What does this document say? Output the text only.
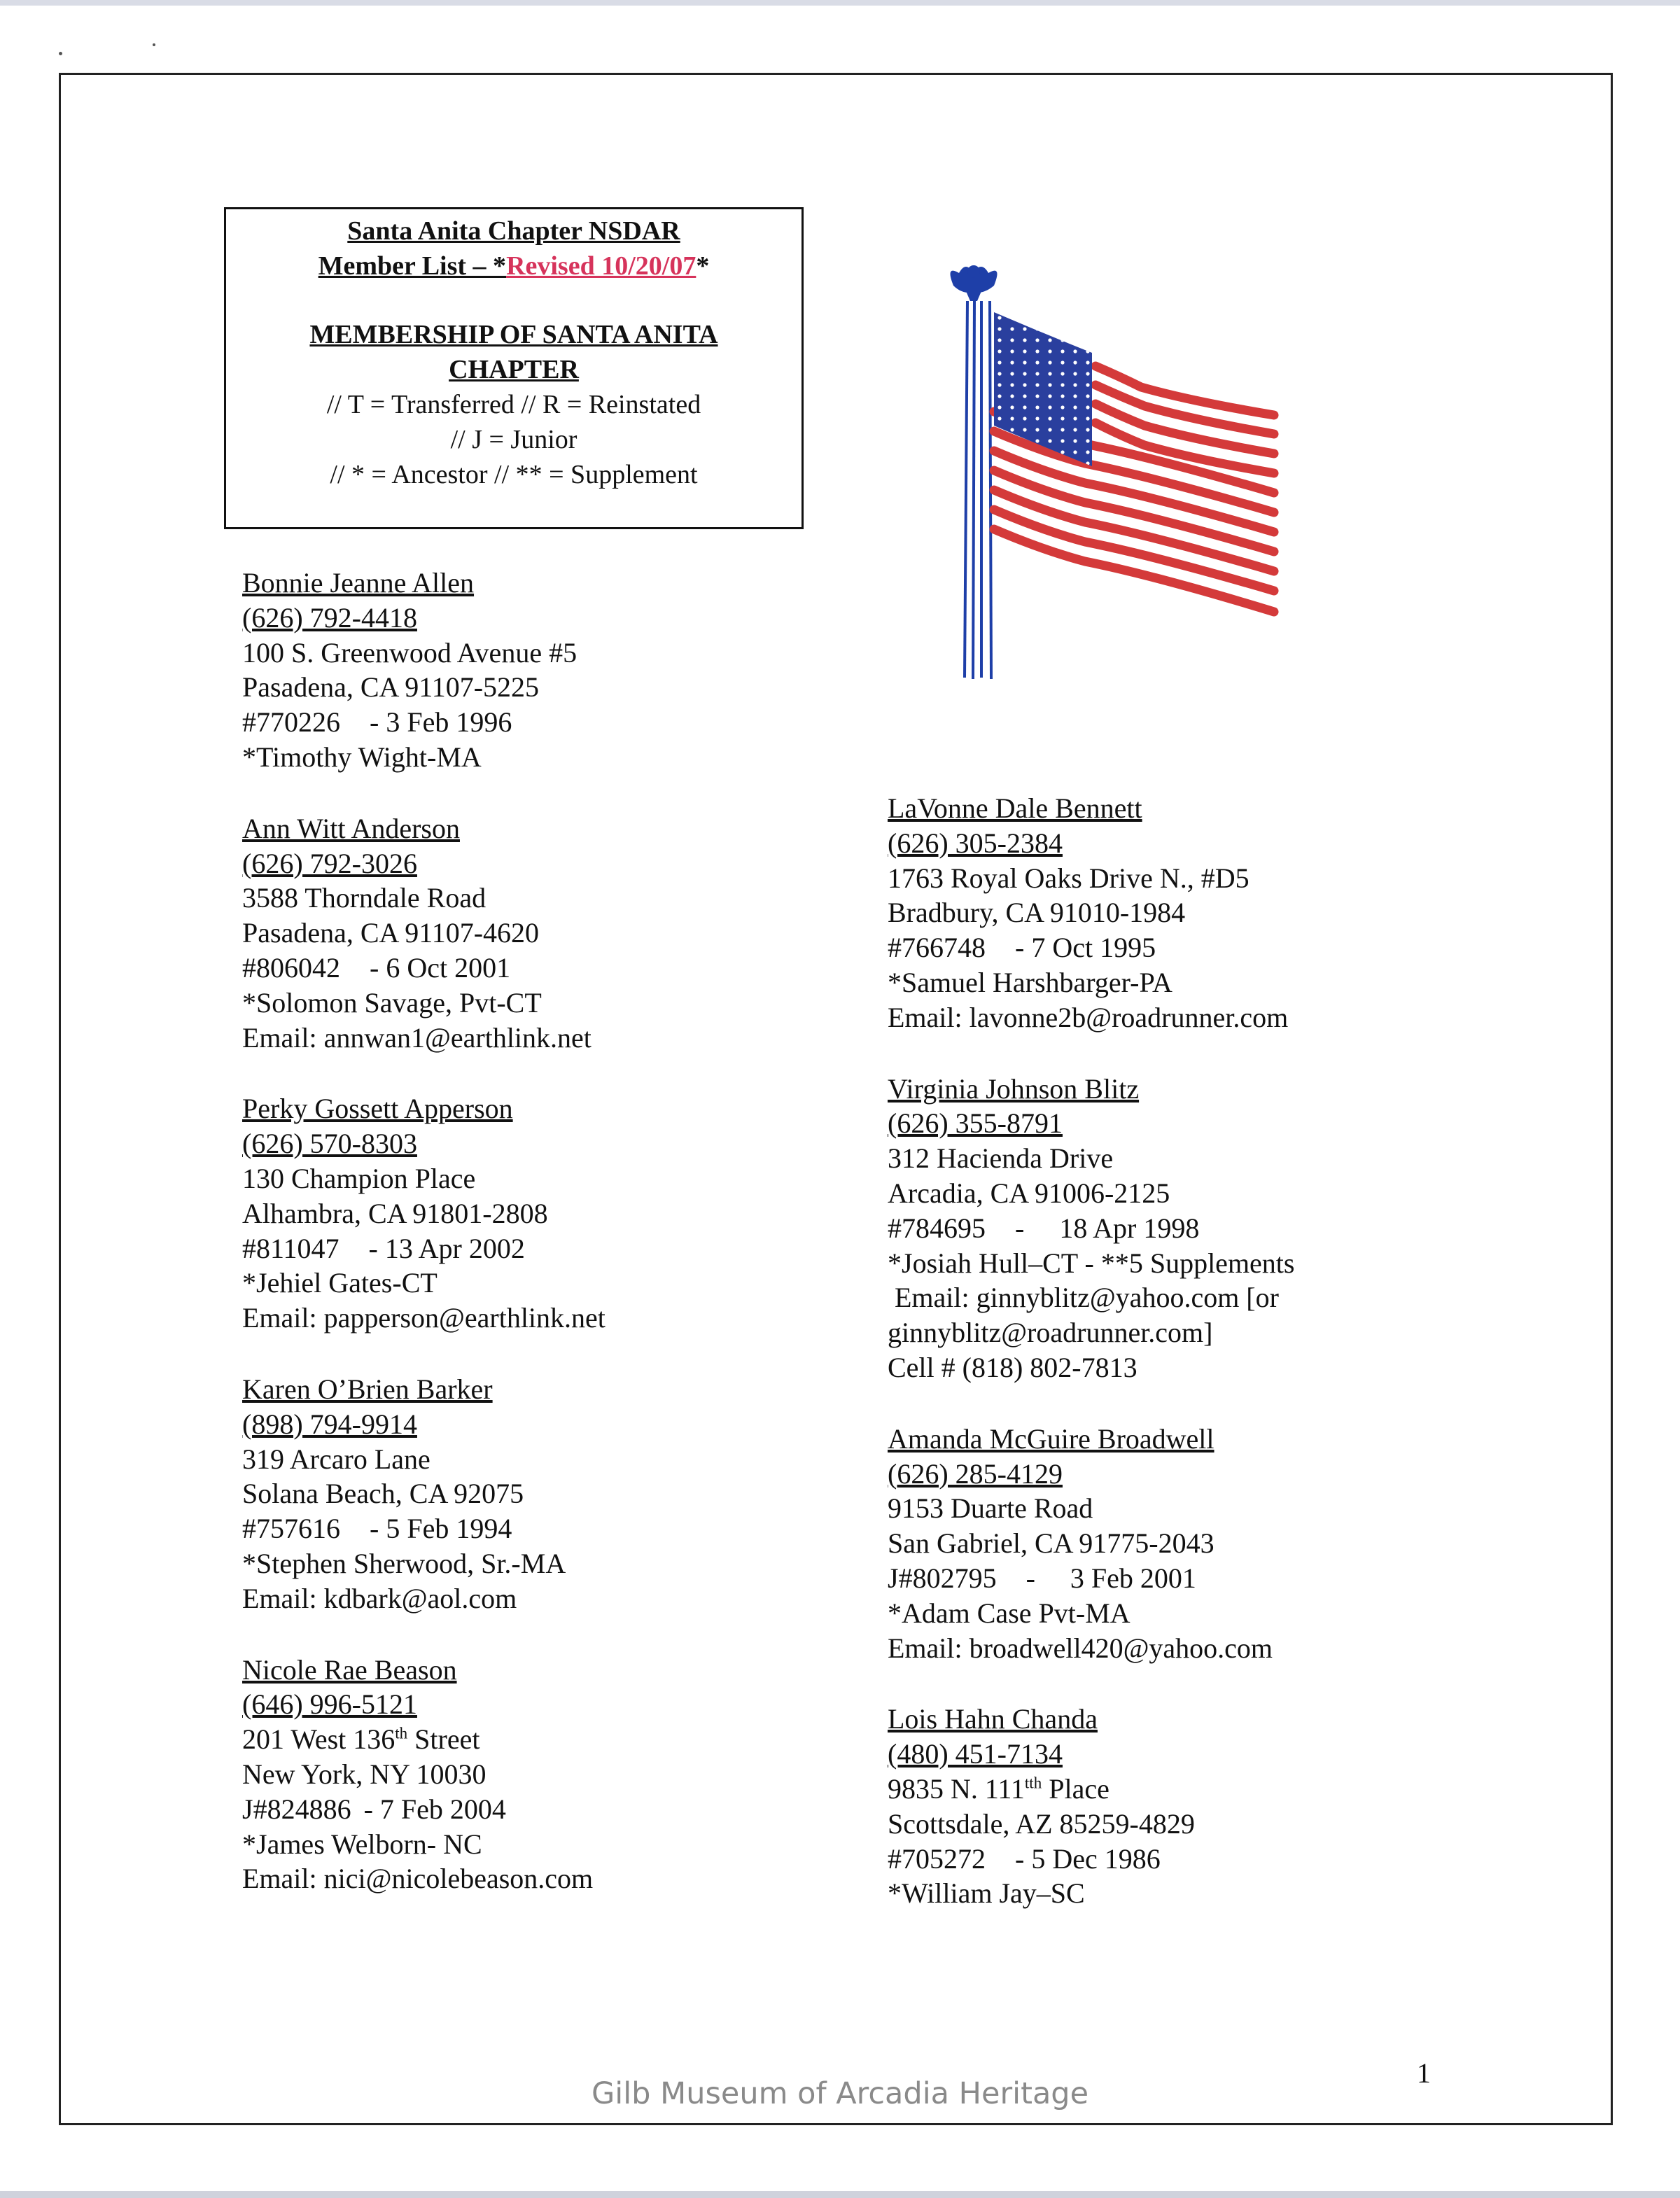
Santa Anita Chapter NSDAR
Member List – *Revised 10/20/07*
MEMBERSHIP OF SANTA ANITA
CHAPTER
// T = Transferred // R = Reinstated
// J = Junior
// * = Ancestor // ** = Supplement
Bonnie Jeanne Allen
(626) 792-4418
100 S. Greenwood Avenue #5
Pasadena, CA 91107-5225
#770226 - 3 Feb 1996
*Timothy Wight-MA
Ann Witt Anderson
(626) 792-3026
3588 Thorndale Road
Pasadena, CA 91107-4620
#806042 - 6 Oct 2001
*Solomon Savage, Pvt-CT
Email: annwan1@earthlink.net
Perky Gossett Apperson
(626) 570-8303
130 Champion Place
Alhambra, CA 91801-2808
#811047 - 13 Apr 2002
*Jehiel Gates-CT
Email: papperson@earthlink.net
Karen O’Brien Barker
(898) 794-9914
319 Arcaro Lane
Solana Beach, CA 92075
#757616 - 5 Feb 1994
*Stephen Sherwood, Sr.-MA
Email: kdbark@aol.com
Nicole Rae Beason
(646) 996-5121
201 West 136th Street
New York, NY 10030
J#824886 - 7 Feb 2004
*James Welborn- NC
Email: nici@nicolebeason.com
LaVonne Dale Bennett
(626) 305-2384
1763 Royal Oaks Drive N., #D5
Bradbury, CA 91010-1984
#766748 - 7 Oct 1995
*Samuel Harshbarger-PA
Email: lavonne2b@roadrunner.com
Virginia Johnson Blitz
(626) 355-8791
312 Hacienda Drive
Arcadia, CA 91006-2125
#784695 -     18 Apr 1998
*Josiah Hull–CT - **5 Supplements
Email: ginnyblitz@yahoo.com [or
ginnyblitz@roadrunner.com]
Cell # (818) 802-7813
Amanda McGuire Broadwell
(626) 285-4129
9153 Duarte Road
San Gabriel, CA 91775-2043
J#802795 -     3 Feb 2001
*Adam Case Pvt-MA
Email: broadwell420@yahoo.com
Lois Hahn Chanda
(480) 451-7134
9835 N. $111^{tth}$ Place
Scottsdale, AZ 85259-4829
#705272 - 5 Dec 1986
*William Jay–SC
1
Gilb Museum of Arcadia Heritage
